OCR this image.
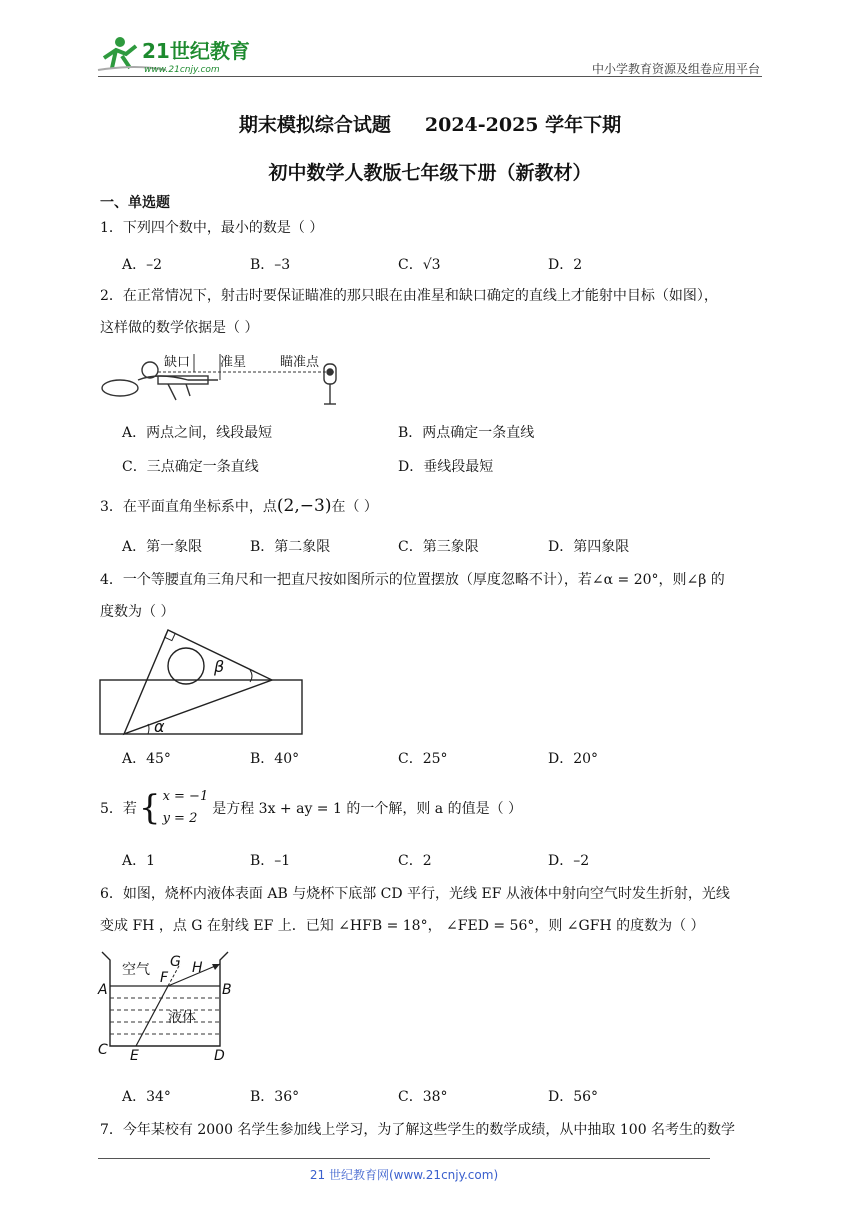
21世纪教育
www.21cnjy.com	中小学教育资源及组卷应用平台
期末模拟综合试题 2024-2025 学年下期
初中数学人教版七年级下册（新教材）
一、单选题
1．下列四个数中，最小的数是（ ）
A．–2	B．–3	C．√3	D．2
2．在正常情况下，射击时要保证瞄准的那只眼在由准星和缺口确定的直线上才能射中目标（如图），
这样做的数学依据是（ ）
缺口 准星	瞄准点
A．两点之间，线段最短	B．两点确定一条直线
C．三点确定一条直线	D．垂线段最短
3．在平面直角坐标系中，点(2,−3)在（ ）
A．第一象限	B．第二象限	C．第三象限	D．第四象限
4．一个等腰直角三角尺和一把直尺按如图所示的位置摆放（厚度忽略不计），若∠α = 20°，则∠β 的
度数为（ ）
β
α
A．45°	B．40°	C．25°	D．20°
5．若 { x = −1
y = 2
是方程 3x + ay = 1 的一个解，则 a 的值是（ ）
A．1	B．–1	C．2	D．–2
6．如图，烧杯内液体表面 AB 与烧杯下底部 CD 平行，光线 EF 从液体中射向空气时发生折射，光线
变成 FH ，点 G 在射线 EF 上．已知 ∠HFB = 18°， ∠FED = 56°，则 ∠GFH 的度数为（ ）
空气 G H
F
A	B
液体
C E	D
A．34°	B．36°	C．38°	D．56°
7．今年某校有 2000 名学生参加线上学习，为了解这些学生的数学成绩，从中抽取 100 名考生的数学
21 世纪教育网(www.21cnjy.com)
